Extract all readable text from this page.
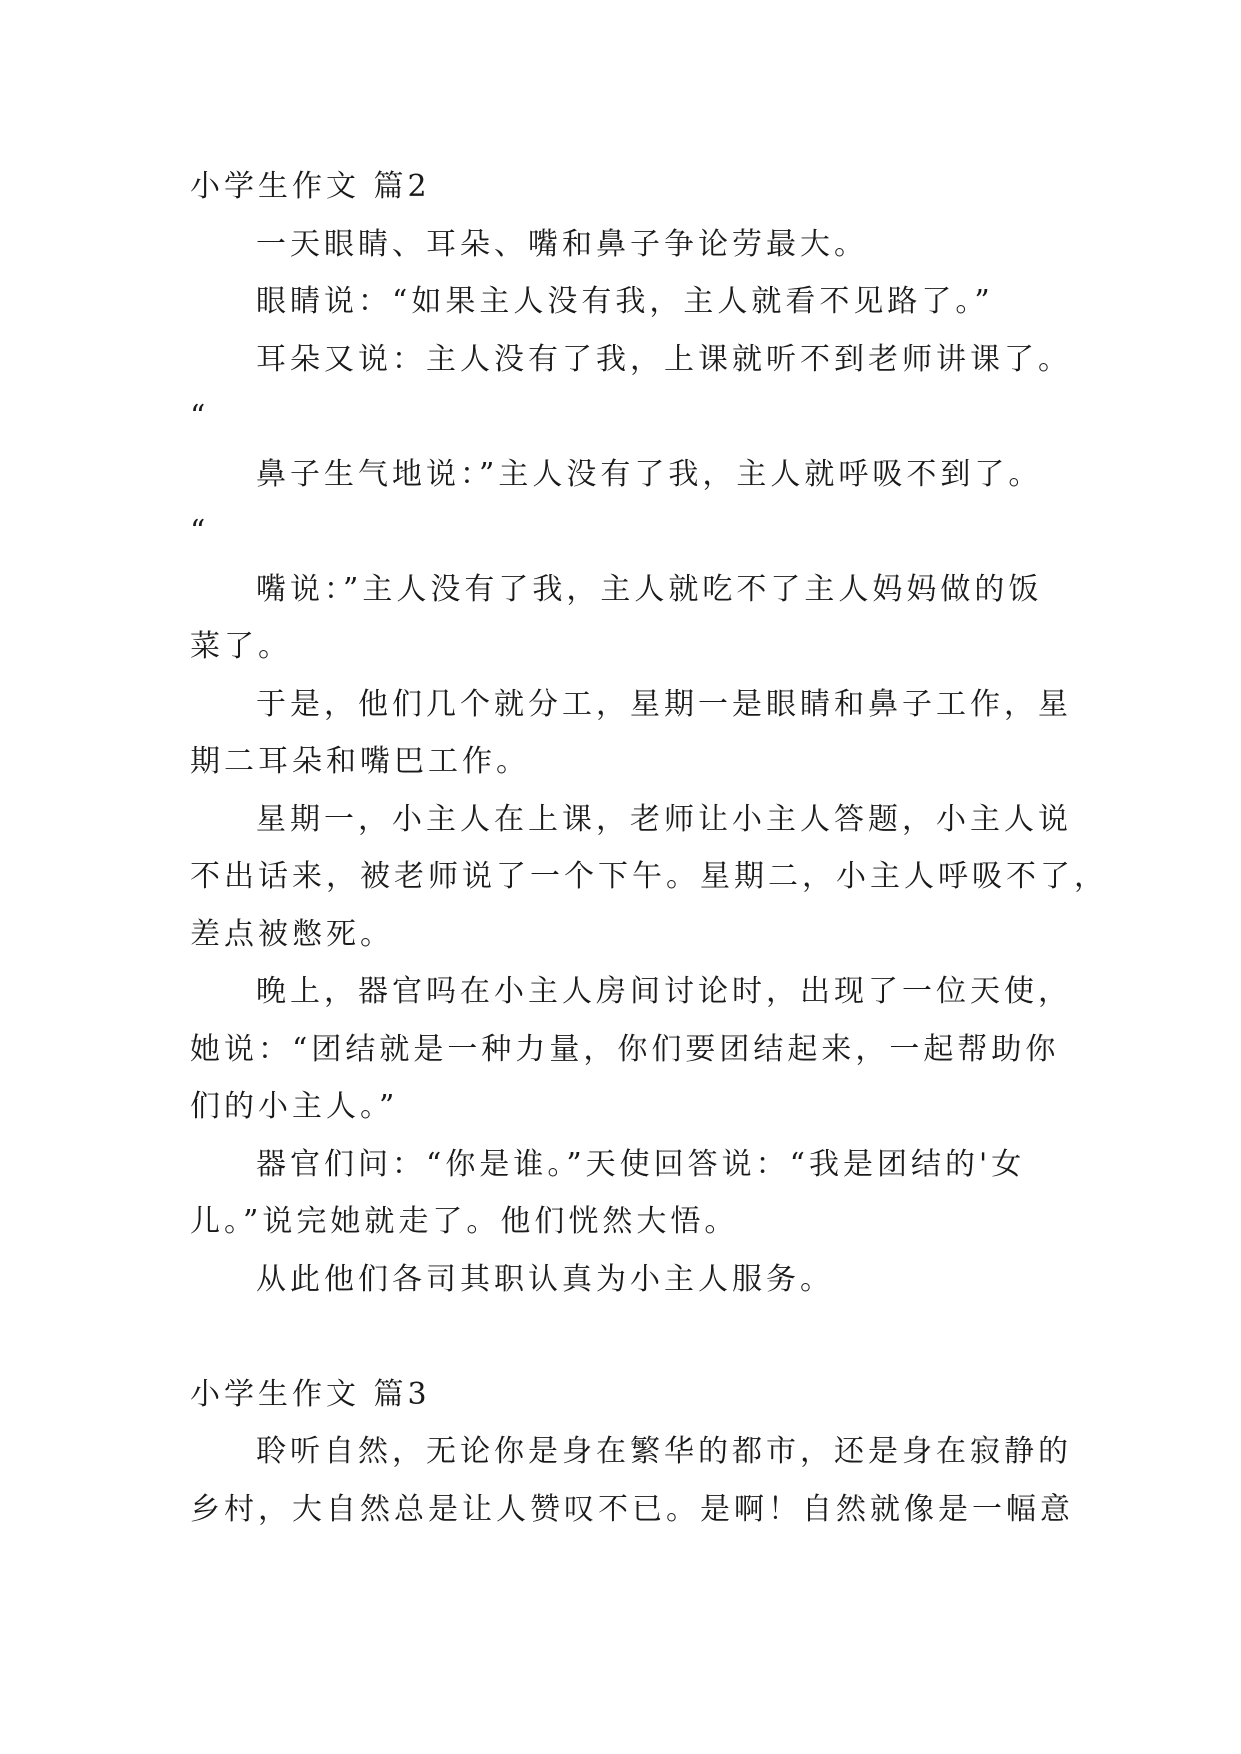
小学生作文 篇2
一天眼睛、耳朵、嘴和鼻子争论劳最大。
眼睛说：“如果主人没有我，主人就看不见路了。”
耳朵又说：主人没有了我，上课就听不到老师讲课了。
“
鼻子生气地说：”主人没有了我，主人就呼吸不到了。
“
嘴说：”主人没有了我，主人就吃不了主人妈妈做的饭
菜了。
于是，他们几个就分工，星期一是眼睛和鼻子工作，星
期二耳朵和嘴巴工作。
星期一，小主人在上课，老师让小主人答题，小主人说
不出话来，被老师说了一个下午。星期二，小主人呼吸不了，
差点被憋死。
晚上，器官吗在小主人房间讨论时，出现了一位天使，
她说：“团结就是一种力量，你们要团结起来，一起帮助你
们的小主人。”
器官们问：“你是谁。”天使回答说：“我是团结的'女
儿。”说完她就走了。他们恍然大悟。
从此他们各司其职认真为小主人服务。
小学生作文 篇3
聆听自然，无论你是身在繁华的都市，还是身在寂静的
乡村，大自然总是让人赞叹不已。是啊！自然就像是一幅意
